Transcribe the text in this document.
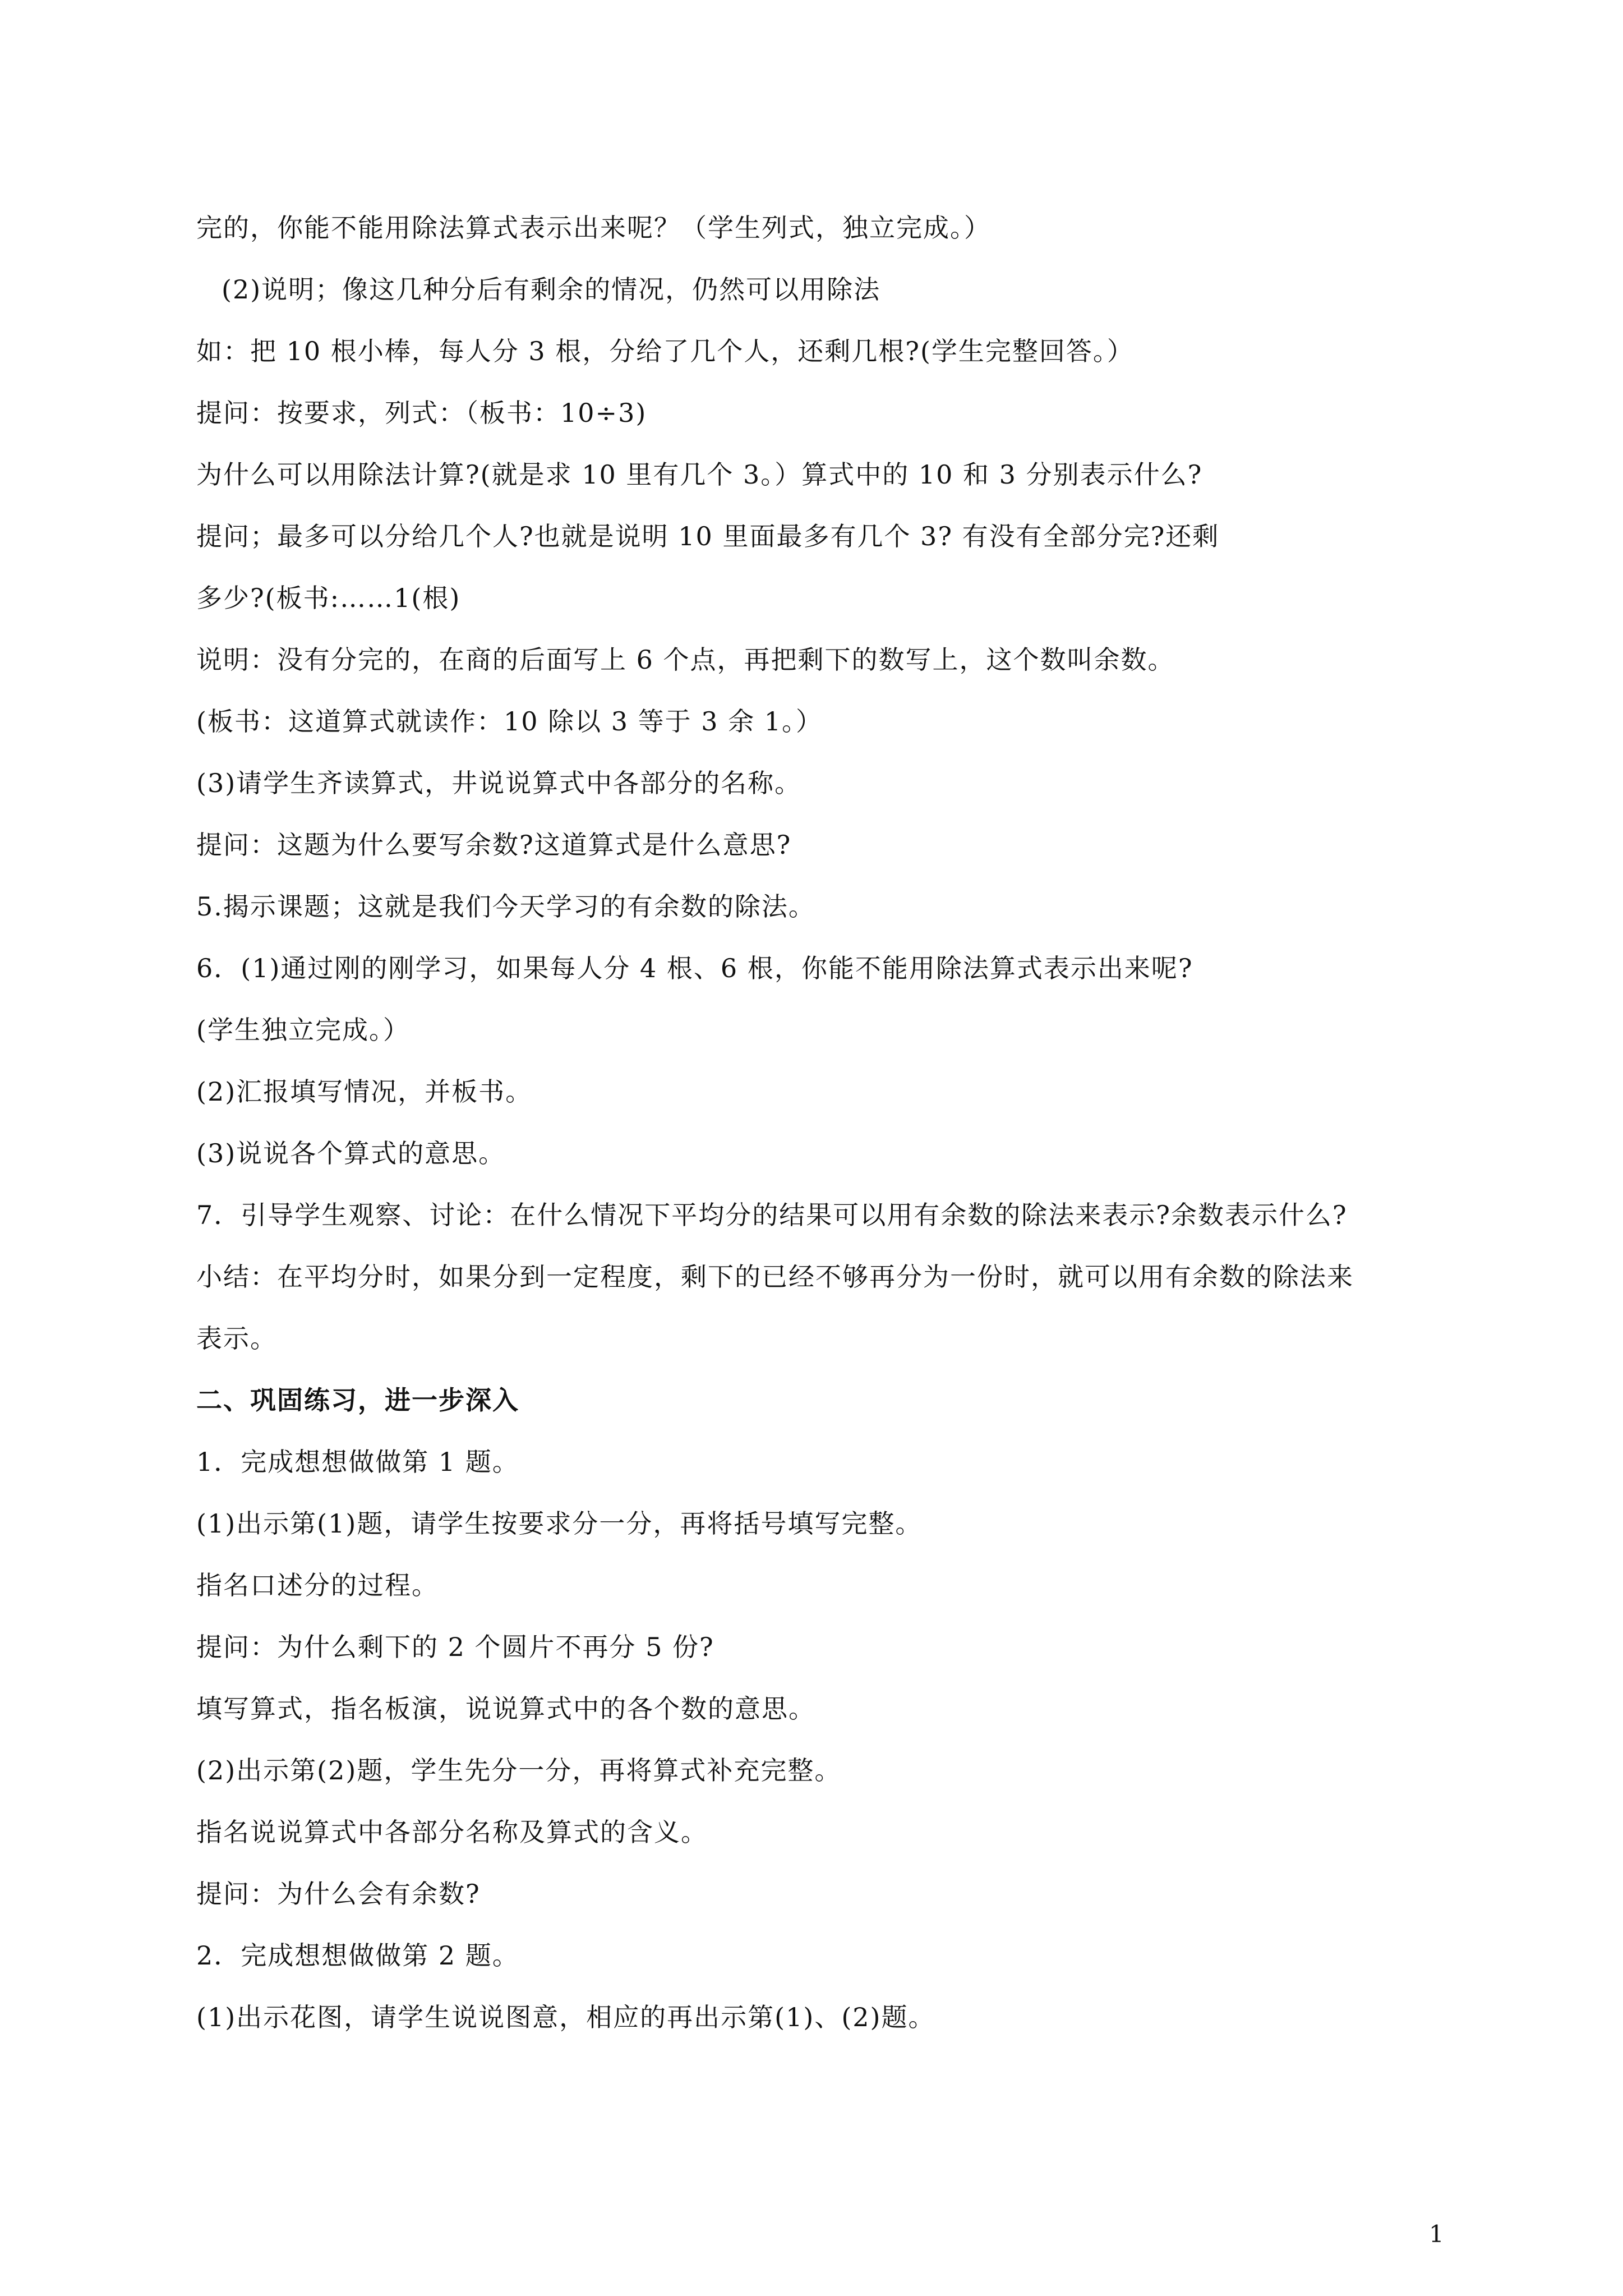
完的，你能不能用除法算式表示出来呢？（学生列式，独立完成。）
(2)说明；像这几种分后有剩余的情况，仍然可以用除法
如：把 10 根小棒，每人分 3 根，分给了几个人，还剩几根?(学生完整回答。）
提问：按要求，列式：（板书：10÷3)
为什么可以用除法计算?(就是求 10 里有几个 3。）算式中的 10 和 3 分别表示什么?
提问；最多可以分给几个人?也就是说明 10 里面最多有几个 3? 有没有全部分完?还剩
多少?(板书:……1(根)
说明：没有分完的，在商的后面写上 6 个点，再把剩下的数写上，这个数叫余数。
(板书：这道算式就读作：10 除以 3 等于 3 余 1。）
(3)请学生齐读算式，井说说算式中各部分的名称。
提问：这题为什么要写余数?这道算式是什么意思?
5.揭示课题；这就是我们今天学习的有余数的除法。
6．(1)通过刚的刚学习，如果每人分 4 根、6 根，你能不能用除法算式表示出来呢?
(学生独立完成。）
(2)汇报填写情况，并板书。
(3)说说各个算式的意思。
7．引导学生观察、讨论：在什么情况下平均分的结果可以用有余数的除法来表示?余数表示什么?
小结：在平均分时，如果分到一定程度，剩下的已经不够再分为一份时，就可以用有余数的除法来
表示。
二、巩固练习，进一步深入
1．完成想想做做第 1 题。
(1)出示第(1)题，请学生按要求分一分，再将括号填写完整。
指名口述分的过程。
提问：为什么剩下的 2 个圆片不再分 5 份?
填写算式，指名板演，说说算式中的各个数的意思。
(2)出示第(2)题，学生先分一分，再将算式补充完整。
指名说说算式中各部分名称及算式的含义。
提问：为什么会有余数?
2．完成想想做做第 2 题。
(1)出示花图，请学生说说图意，相应的再出示第(1)、(2)题。
1
